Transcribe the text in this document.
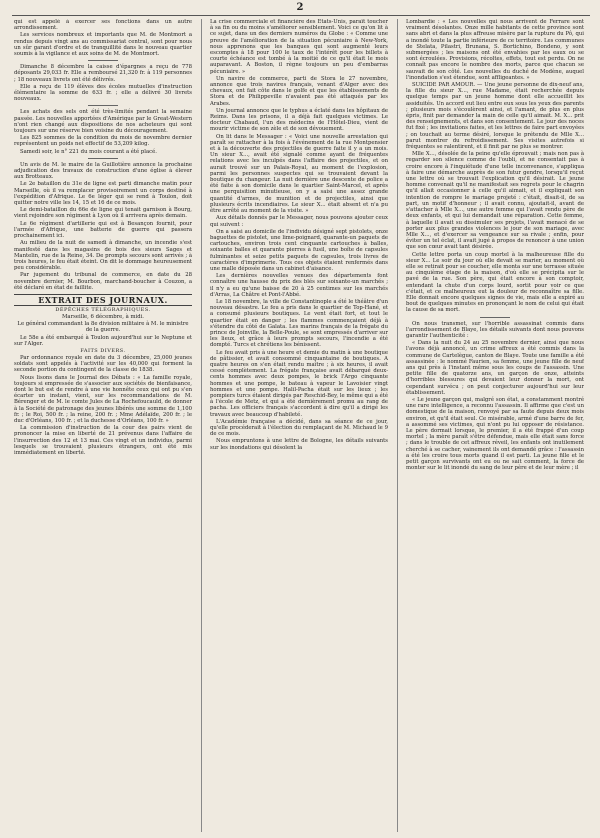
2

qui est appelé à exercer ses fonctions dans un autre arrondissement.

Les services nombreux et importants que M. de Montmort a rendus depuis vingt ans au commissariat central, sont pour nous un sûr garant d'ordre et de tranquillité dans le nouveau quartier soumis à la vigilance et aux soins de M. de Montmort.

Dimanche 8 décembre la caisse d'épargnes a reçu de 778 déposants 29,033 fr. Elle a remboursé 21,320 fr. à 119 personnes ; 18 nouveaux livrets ont été délivrés.

Elle a reçu de 119 élèves des écoles mutuelles d'instruction élémentaire la somme de 633 fr. ; elle a délivré 30 livrets nouveaux.

Les achats des sels ont été très-limités pendant la semaine passée. Les nouvelles apportées d'Amérique par le Great-Western n'ont rien changé aux dispositions de nos acheteurs qui sont toujours sur une réserve bien voisine du découragement.

Les 825 sommes de la condition du mois de novembre dernier représentent un poids net effectif de 53,209 kilog.

Samedi soir, le n° 221 du mois courant a été placé.

Un avis de M. le maire de la Guillotière annonce la prochaine adjudication des travaux de construction d'une église à élever aux Brotteaux.

Le 2e bataillon du 31e de ligne est parti dimanche matin pour Marseille, où il va remplacer provisoirement un corps destiné à l'expédition d'Afrique. Le 6e léger qui se rend à Toulon, doit quitter notre ville les 14, 15 et 16 de ce mois.

Le demi-bataillon du 66e de ligne qui tenait garnison à Bourg, vient rejoindre son régiment à Lyon où il arrivera après demain.

Le 6e régiment d'artillerie qui est à Besançon fournit, pour l'armée d'Afrique, une batterie de guerre qui passera prochainement ici.

Au milieu de la nuit de samedi à dimanche, un incendie s'est manifesté dans les magasins de bois des sieurs Sages et Mantelin, rue de la Reine, 34. De prompts secours sont arrivés ; à trois heures, le feu était éteint. On dit le dommage heureusement peu considérable.

Par jugement du tribunal de commerce, en date du 28 novembre dernier, M. Bourbon, marchand-boucher à Couzon, a été déclaré en état de faillite.

EXTRAIT DES JOURNAUX.
DÉPÊCHES TÉLÉGRAPHIQUES.

Marseille, 6 décembre, à midi.

Le général commandant la 8e division militaire à M. le ministre de la guerre.

Le 58e a été embarqué à Toulon aujourd'hui sur le Neptune et sur l'Alger.

FAITS DIVERS.

Par ordonnance royale en date du 3 décembre, 25,000 jeunes soldats sont appelés à l'activité sur les 40,000 qui forment la seconde portion du contingent de la classe de 1838.

Nous lisons dans le Journal des Débats : « La famille royale, toujours si empressée de s'associer aux sociétés de bienfaisance, dont le but est de rendre à une vie honnête ceux qui ont pu s'en écarter un instant, vient, sur les recommandations de M. Bérenger et de M. le comte Jules de La Rochefoucauld, de donner à la Société de patronage des jeunes libérés une somme de 1,100 fr. ; le Roi, 500 fr. ; la reine, 200 fr. ; Mme Adélaïde, 200 fr. ; le duc d'Orléans, 100 fr. ; et la duchesse d'Orléans, 100 fr. »

La commission d'instruction de la cour des pairs vient de prononcer la mise en liberté de 21 prévenus dans l'affaire de l'insurrection des 12 et 13 mai. Ces vingt et un individus, parmi lesquels se trouvaient plusieurs étrangers, ont été mis immédiatement en liberté.

La crise commerciale et financière des États-Unis, paraît toucher à sa fin ou du moins s'améliorer sensiblement. Voici ce qu'on lit à ce sujet, dans un des derniers numéros du Globe : « Comme une preuve de l'amélioration de la situation pécuniaire à New-York, nous apprenons que les banques qui sont augmenté leurs escomptes à 18 pour 100 le taux de l'intérêt pour les billets à courte échéance est tombé à la moitié de ce qu'il était le mois auparavant. A Boston, il règne toujours un peu d'embarras pécuniaire. »

Un navire de commerce, parti de Stora le 27 novembre, annonce que trois navires français, venant d'Alger avec des chevaux, ont fait côte dans le golfe et que les établissements de Stora et de Philippeville n'avaient pas été attaqués par les Arabes.

Un journal annonce que le typhus a éclaté dans les hôpitaux de Reims. Dans les prisons, il a déjà fait quelques victimes. Le docteur Chabaud, l'un des médecins de l'Hôtel-Dieu, vient de mourir victime de son zèle et de son dévouement.

On lit dans le Messager : « Voici une nouvelle arrestation qui paraît se rattacher à la fois à l'événement de la rue Montpensier et à la découverte des projectiles de guerre faite il y a un mois. Un sieur X..., avait été signalé comme ayant de fréquentes relations avec les inculpés dans l'affaire des projectiles, et on aurait trouvé sur un Palais-Royal, au moment de l'explosion, parmi les personnes suspectes qui se trouvaient devant la boutique du changeur. La nuit dernière une descente de police a été faite à son domicile dans le quartier Saint-Marcel, et après une perquisition minutieuse, on y a saisi une assez grande quantité d'armes, de munition et de projectiles, ainsi que plusieurs écrits incendiaires. Le sieur X... était absent et n'a pu être arrêté au moment de la visite. »

Aux détails donnés par le Messager, nous pouvons ajouter ceux qui suivent :

On a saisi au domicile de l'individu désigné sept pistolets, onze baguettes de pistolet, une lime-poignard, quarante-un paquets de cartouches, environ trois cent cinquante cartouches à balles, soixante balles et quarante pierres à fusil, une boîte de capsules fulminantes et seize petits paquets de capsules, trois livres de caractères d'imprimerie. Tous ces objets étaient renfermés dans une malle déposée dans un cabinet d'aisance.

Les dernières nouvelles venues des départements font connaître une hausse du prix des blés sur soixante-un marchés ; il n'y a eu qu'une baisse de 20 à 25 centimes sur les marchés d'Arras, La Châtre et Pont-l'Abbé.

Le 18 novembre, la ville de Constantinople a été le théâtre d'un nouveau désastre. Le feu a pris dans le quartier de Top-Hané, et a consumé plusieurs boutiques. Le vent était fort, et tout le quartier était en danger ; les flammes commençaient déjà à s'étendre du côté de Galata. Les marins français de la frégate du prince de Joinville, la Belle-Poule, se sont empressés d'arriver sur les lieux, et grâce à leurs prompts secours, l'incendie a été dompté. Turcs et chrétiens les bénissent.

Le feu avait pris à une heure et demie du matin à une boutique de pâtissier, et avait consommé cinquantaine de boutiques. A quatre heures on s'en était rendu maître ; à six heures, il avait cessé complètement. La frégate française avait débarqué deux-cents hommes avec deux pompes, le brick l'Argo cinquante hommes et une pompe, le bateau à vapeur le Lavoisier vingt hommes et une pompe. Halil-Pacha était sur les lieux ; les pompiers turcs étaient dirigés par Reschid-Bey, le même qui a été à l'école de Metz, et qui a été dernièrement promu au rang de pacha. Les officiers français s'accordent à dire qu'il a dirigé les travaux avec beaucoup d'habileté.

L'Académie française a décidé, dans sa séance de ce jour, qu'elle procéderait à l'élection du remplaçant de M. Michaud le 9 de ce mois.

Nous empruntons à une lettre de Bologne, les détails suivants sur les inondations qui désolent la

Lombardie : « Les nouvelles qui nous arrivent de Ferrare sont vraiment désolantes. Onze mille habitants de cette province sont sans abri et dans la plus affreuse misère par la rupture du Pô, qui a inondé toute la partie inférieure de ce territoire. Les communes de Stelata, Pilastri, Brunana, S. Bortichino, Bondeno, y sont submergées ; les maisons ont été envahies par les eaux ou se sont écroulées. Provisions, récoltes, effets, tout est perdu. On ne connaît pas encore le nombre des morts, parce que chacun se sauvait de son côté. Les nouvelles du duché de Modène, auquel l'inondation s'est étendue, sont affligeantes. »

SUICIDE PAR AMOUR. — Une jeune personne de dix-neuf ans, la fille du sieur X..., rue Madame, était recherchée depuis quelque temps par un jeune homme dont elle accueillit les assiduités. Un accord eut lieu entre eux sous les yeux des parents ; plusieurs mois s'écoulèrent ainsi, et l'amant, de plus en plus épris, finit par demander la main de celle qu'il aimait. M. X... prit des renseignements, et dans son consentement. Le jour des noces fut fixé ; les invitations faites, et les lettres de faire part envoyées ; on touchait au terme désiré, lorsque le prétendu de Mlle X... parut montrer du refroidissement. Ses visites autrefois si fréquentes se ralentirent, et il finit par ne plus se montrer.

Mlle X..., désolée de la peine qu'elle éprouvait ; mais non pas à regarder son silence comme de l'oubli, et ne consentait pas à croire encore à l'inquiétude d'une telle inconvenance, s'appliqua à faire une démarche auprès de son futur gendre, lorsqu'il reçut une lettre où se trouvait l'explication qu'il désirait. Le jeune homme convenait qu'il ne manifestait ses regrets pour le chagrin qu'il allait occasionner à celle qu'il aimait, et il expliquait son intention de rompre le mariage projeté : c'était, disait-il, de sa part, un motif d'honneur ; il avait connu, ajoutait-il, avant de s'attacher à Mlle X..., une autre femme qui l'avait rendu père de deux enfants, et qui lui demandait une réparation. Cette femme, à laquelle il avait su dissimuler ses projets, l'avait menacé de se porter aux plus grandes violences le jour de son mariage, avec Mlle X..., et d'exercer sa vengeance sur sa rivale ; enfin, pour éviter un tel éclat, il avait jugé à propos de renoncer à une union que son cœur avait tant désirée.

Cette lettre porta un coup mortel à la malheureuse fille du sieur X... Le soir du jour où elle devait se marier, au moment où elle se retirait pour se coucher, elle monta sur une terrasse située au cinquième étage de la maison, d'où elle se précipita sur le pavé de la rue. Son père, qui était encore à son comptoir, entendant la chute d'un corps lourd, sortit pour voir ce que c'était, et ce malheureux eut la douleur de reconnaître sa fille. Elle donnait encore quelques signes de vie, mais elle a expiré au bout de quelques minutes en prononçant le nom de celui qui était la cause de sa mort.

On nous transmet, sur l'horrible assassinat commis dans l'arrondissement de Blaye, les détails suivants dont nous pouvons garantir l'authenticité :

« Dans la nuit du 24 au 25 novembre dernier, ainsi que nous l'avons déjà annoncé, un crime affreux a été commis dans la commune de Cartelègue, canton de Blaye. Toute une famille a été assassinée : le nommé Faurien, sa femme, une jeune fille de neuf ans qui près à l'instant même sous les coups de l'assassin. Une petite fille de quatorze ans, un garçon de onze, atteints d'horribles blessures qui devaient leur donner la mort, ont cependant survécu ; on peut conjecturer aujourd'hui sur leur établissement.

« Le jeune garçon qui, malgré son état, a constamment montré une rare intelligence, a reconnu l'assassin. Il affirme que c'est un domestique de la maison, renvoyé par sa faute depuis deux mois environ, et qu'il était seul. Ce misérable, armé d'une barre de fer, a assommé ses victimes, qui n'ont pu lui opposer de résistance. Le père dormait lorsque, le premier, il a été frappé d'un coup mortel ; la mère paraît s'être défendue, mais elle était sans force ; dans le trouble de cet affreux réveil, les enfants ont inutilement cherché à se cacher, vainement ils ont demandé grâce : l'assassin a été les croire tous morts quand il est parti. La jeune fille et le petit garçon survivants ont eu ou ne sait comment, la force de monter sur le lit inondé du sang de leur père et de leur mère ; il
